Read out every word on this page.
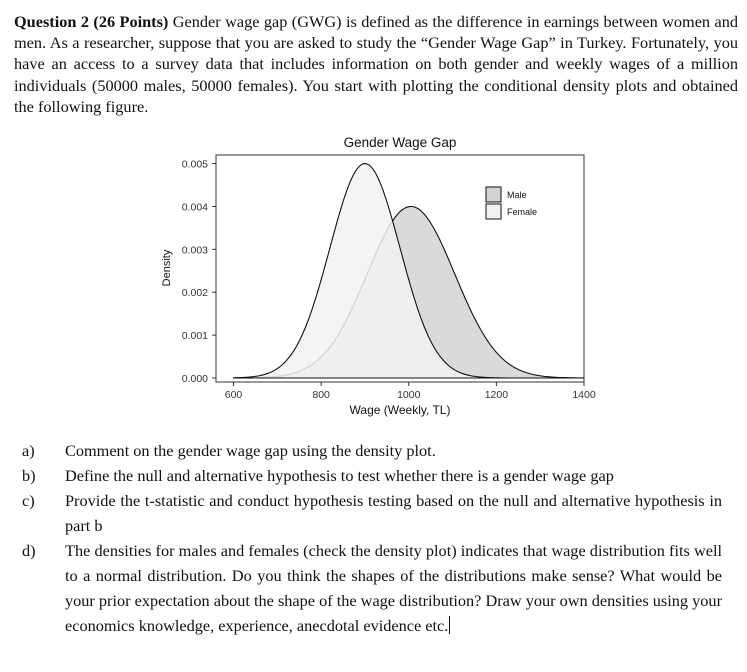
Question 2 (26 Points) Gender wage gap (GWG) is defined as the difference in earnings between women and men. As a researcher, suppose that you are asked to study the “Gender Wage Gap” in Turkey. Fortunately, you have an access to a survey data that includes information on both gender and weekly wages of a million individuals (50000 males, 50000 females). You start with plotting the conditional density plots and obtained the following figure.

Gender Wage Gap
0.000
0.001
0.002
0.003
0.004
0.005
600	800	1000	1200	1400
Density
Wage (Weekly, TL)
Male
Female
a) Comment on the gender wage gap using the density plot.
b) Define the null and alternative hypothesis to test whether there is a gender wage gap
c) Provide the t-statistic and conduct hypothesis testing based on the null and alternative hypothesis in part b
d) The densities for males and females (check the density plot) indicates that wage distribution fits well to a normal distribution. Do you think the shapes of the distributions make sense? What would be your prior expectation about the shape of the wage distribution? Draw your own densities using your economics knowledge, experience, anecdotal evidence etc.
